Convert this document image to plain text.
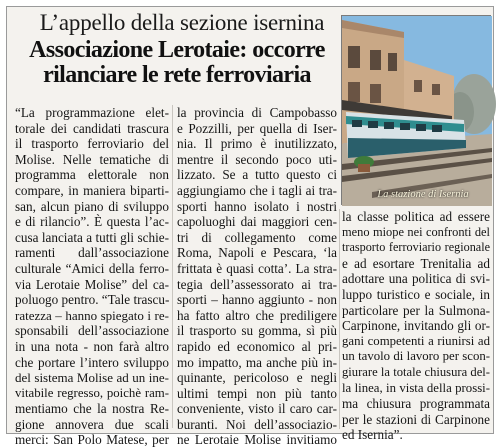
L’appello della sezione isernina
Associazione Lerotaie: occorre
rilanciare le rete ferroviaria
La stazione di Isernia
“La programmazione elet-
torale dei candidati trascura
il trasporto ferroviario del
Molise. Nelle tematiche di
programma elettorale non
compare, in maniera biparti-
san, alcun piano di sviluppo
e di rilancio”. È questa l’ac-
cusa lanciata a tutti gli schie-
ramenti dall’associazione
culturale “Amici della ferro-
via Lerotaie Molise” del ca-
poluogo pentro. “Tale trascu-
ratezza – hanno spiegato i re-
sponsabili dell’associazione
in una nota - non farà altro
che portare l’intero sviluppo
del sistema Molise ad un ine-
vitabile regresso, poichè ram-
mentiamo che la nostra Re-
gione annovera due scali
merci: San Polo Matese, per
la provincia di Campobasso
e Pozzilli, per quella di Iser-
nia. Il primo è inutilizzato,
mentre il secondo poco uti-
lizzato. Se a tutto questo ci
aggiungiamo che i tagli ai tra-
sporti hanno isolato i nostri
capoluoghi dai maggiori cen-
tri di collegamento come
Roma, Napoli e Pescara, ‘la
frittata è quasi cotta’. La stra-
tegia dell’assessorato ai tra-
sporti – hanno aggiunto - non
ha fatto altro che prediligere
il trasporto su gomma, sì più
rapido ed economico al pri-
mo impatto, ma anche più in-
quinante, pericoloso e negli
ultimi tempi non più tanto
conveniente, visto il caro car-
buranti. Noi dell’associazio-
ne Lerotaie Molise invitiamo
la classe politica ad essere
meno miope nei confronti del
trasporto ferroviario regionale
e ad esortare Trenitalia ad
adottare una politica di svi-
luppo turistico e sociale, in
particolare per la Sulmona-
Carpinone, invitando gli or-
gani competenti a riunirsi ad
un tavolo di lavoro per scon-
giurare la totale chiusura del-
la linea, in vista della prossi-
ma chiusura programmata
per le stazioni di Carpinone
ed Isernia”.
